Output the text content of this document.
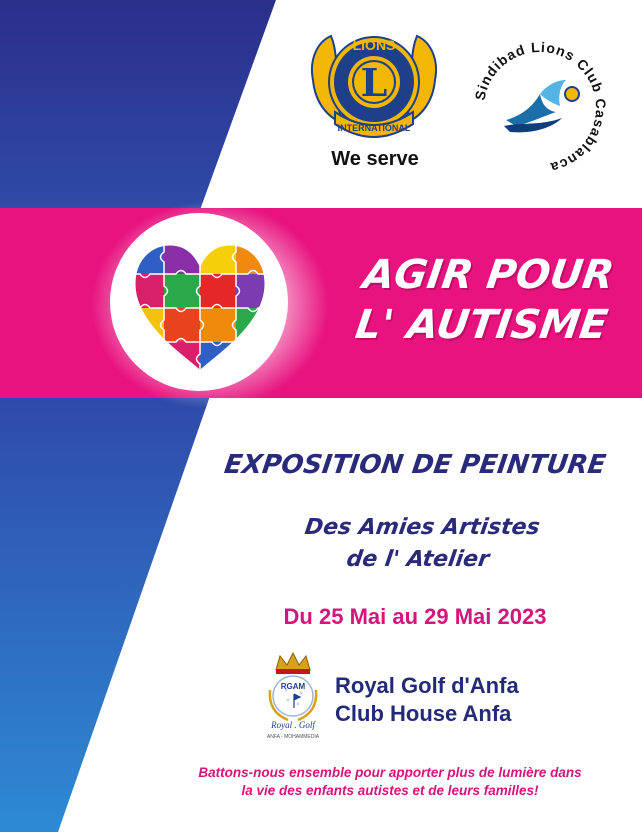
L
LIONS
INTERNATIONAL
We serve
Sindibad Lions Club Casablanca
AGIR POUR
L' AUTISME
EXPOSITION DE PEINTURE
Des Amies Artistes
de l' Atelier
Du 25 Mai au 29 Mai 2023
RGAM
Royal . Golf
ANFA - MOHAMMEDIA
Royal Golf d'Anfa
Club House Anfa
Battons-nous ensemble pour apporter plus de lumière dans
la vie des enfants autistes et de leurs familles!
